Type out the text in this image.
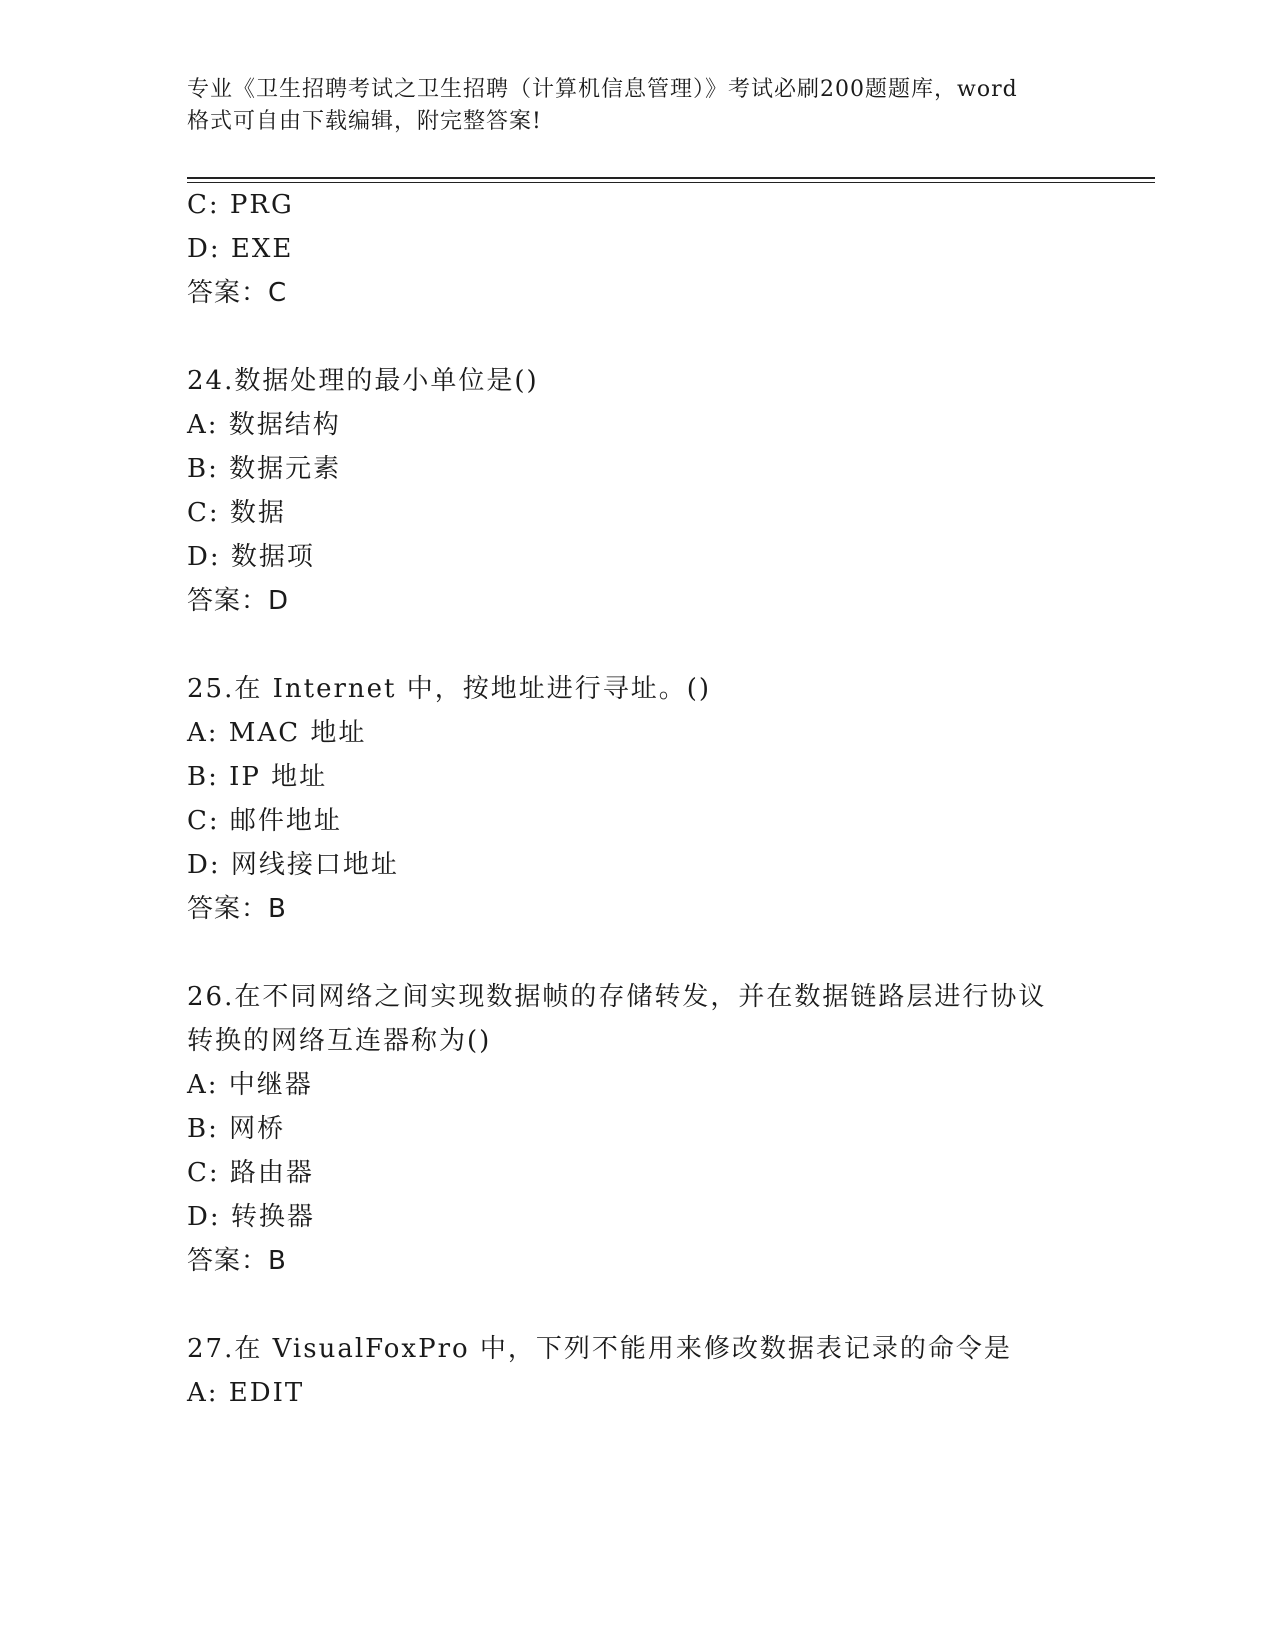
专业《卫生招聘考试之卫生招聘（计算机信息管理）》考试必刷200题题库，word
格式可自由下载编辑，附完整答案!
C: PRG
D: EXE
答案：C
24.数据处理的最小单位是()
A: 数据结构
B: 数据元素
C: 数据
D: 数据项
答案：D
25.在 Internet 中，按地址进行寻址。()
A: MAC 地址
B: IP 地址
C: 邮件地址
D: 网线接口地址
答案：B
26.在不同网络之间实现数据帧的存储转发，并在数据链路层进行协议
转换的网络互连器称为()
A: 中继器
B: 网桥
C: 路由器
D: 转换器
答案：B
27.在 VisualFoxPro 中，下列不能用来修改数据表记录的命令是
A: EDIT
